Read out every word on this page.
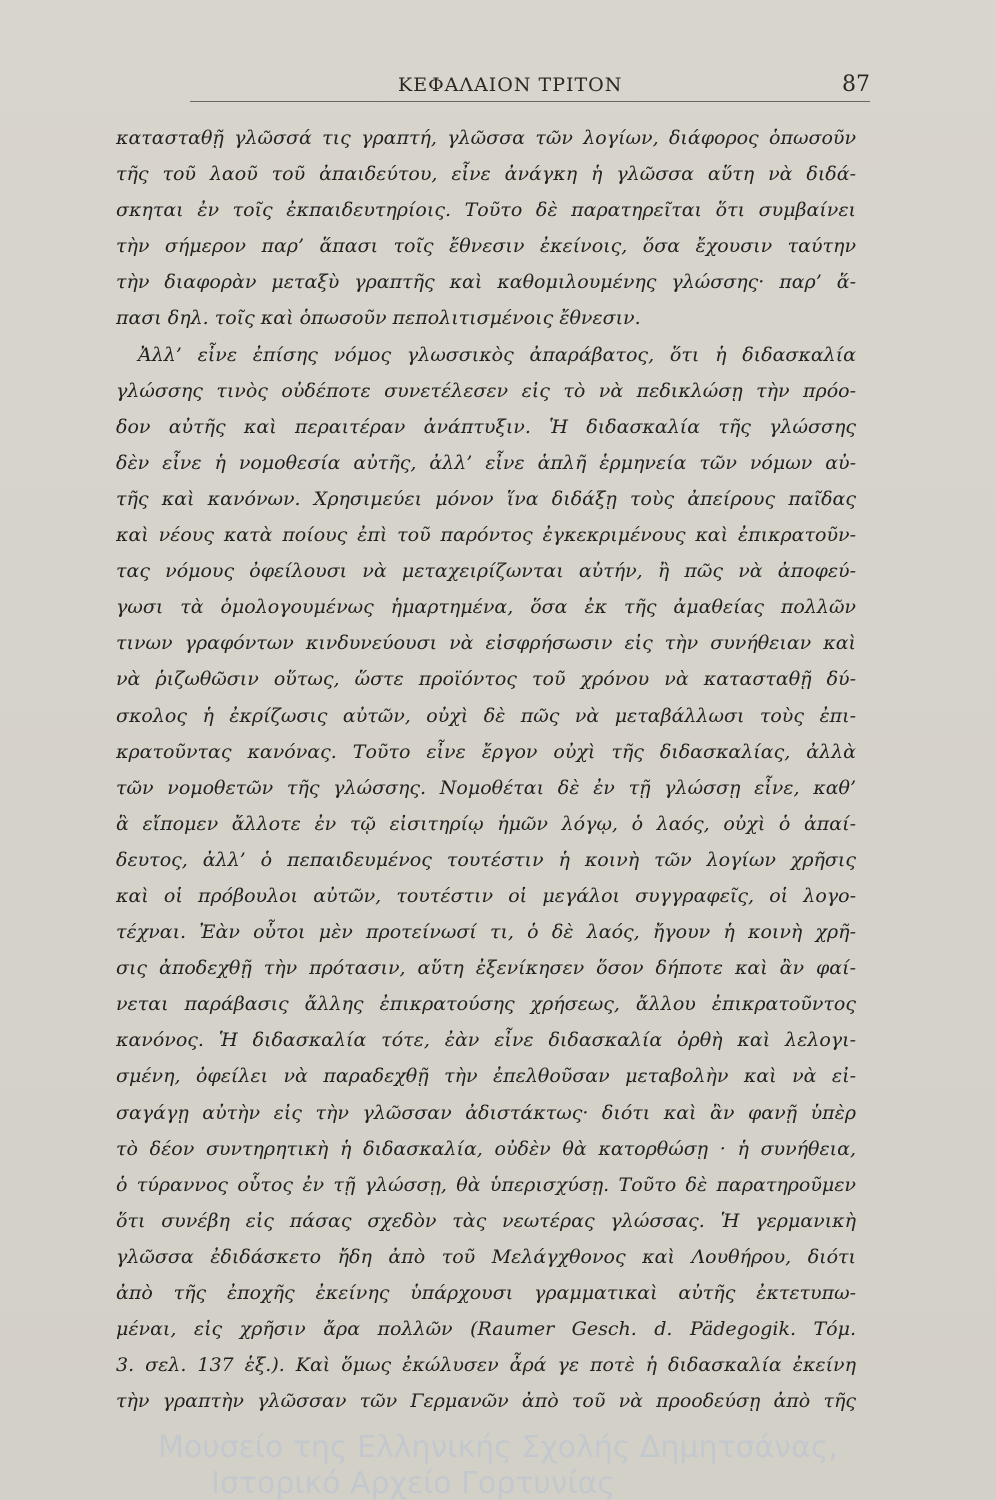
ΚΕΦΑΛΑΙΟΝ ΤΡΙΤΟΝ	87
κατασταθῇ γλῶσσά τις γραπτή, γλῶσσα τῶν λογίων, διάφορος ὁπωσοῦν
τῆς τοῦ λαοῦ τοῦ ἀπαιδεύτου, εἶνε ἀνάγκη ἡ γλῶσσα αὕτη νὰ διδά-
σκηται ἐν τοῖς ἐκπαιδευτηρίοις. Τοῦτο δὲ παρατηρεῖται ὅτι συμβαίνει
τὴν σήμερον παρ’ ἅπασι τοῖς ἔθνεσιν ἐκείνοις, ὅσα ἔχουσιν ταύτην
τὴν διαφορὰν μεταξὺ γραπτῆς καὶ καθομιλουμένης γλώσσης· παρ’ ἅ-
πασι δηλ. τοῖς καὶ ὁπωσοῦν πεπολιτισμένοις ἔθνεσιν.
Ἀλλ’ εἶνε ἐπίσης νόμος γλωσσικὸς ἀπαράβατος, ὅτι ἡ διδασκαλία
γλώσσης τινὸς οὐδέποτε συνετέλεσεν εἰς τὸ νὰ πεδικλώσῃ τὴν πρόο-
δον αὐτῆς καὶ περαιτέραν ἀνάπτυξιν. Ἡ διδασκαλία τῆς γλώσσης
δὲν εἶνε ἡ νομοθεσία αὐτῆς, ἀλλ’ εἶνε ἁπλῆ ἑρμηνεία τῶν νόμων αὐ-
τῆς καὶ κανόνων. Χρησιμεύει μόνον ἵνα διδάξῃ τοὺς ἀπείρους παῖδας
καὶ νέους κατὰ ποίους ἐπὶ τοῦ παρόντος ἐγκεκριμένους καὶ ἐπικρατοῦν-
τας νόμους ὀφείλουσι νὰ μεταχειρίζωνται αὐτήν, ἢ πῶς νὰ ἀποφεύ-
γωσι τὰ ὁμολογουμένως ἡμαρτημένα, ὅσα ἐκ τῆς ἀμαθείας πολλῶν
τινων γραφόντων κινδυνεύουσι νὰ εἰσφρήσωσιν εἰς τὴν συνήθειαν καὶ
νὰ ῥιζωθῶσιν οὕτως, ὥστε προϊόντος τοῦ χρόνου νὰ κατασταθῇ δύ-
σκολος ἡ ἐκρίζωσις αὐτῶν, οὐχὶ δὲ πῶς νὰ μεταβάλλωσι τοὺς ἐπι-
κρατοῦντας κανόνας. Τοῦτο εἶνε ἔργον οὐχὶ τῆς διδασκαλίας, ἀλλὰ
τῶν νομοθετῶν τῆς γλώσσης. Νομοθέται δὲ ἐν τῇ γλώσσῃ εἶνε, καθ’
ἃ εἴπομεν ἄλλοτε ἐν τῷ εἰσιτηρίῳ ἡμῶν λόγῳ, ὁ λαός, οὐχὶ ὁ ἀπαί-
δευτος, ἀλλ’ ὁ πεπαιδευμένος τουτέστιν ἡ κοινὴ τῶν λογίων χρῆσις
καὶ οἱ πρόβουλοι αὐτῶν, τουτέστιν οἱ μεγάλοι συγγραφεῖς, οἱ λογο-
τέχναι. Ἐὰν οὗτοι μὲν προτείνωσί τι, ὁ δὲ λαός, ἤγουν ἡ κοινὴ χρῆ-
σις ἀποδεχθῇ τὴν πρότασιν, αὕτη ἐξενίκησεν ὅσον δήποτε καὶ ἂν φαί-
νεται παράβασις ἄλλης ἐπικρατούσης χρήσεως, ἄλλου ἐπικρατοῦντος
κανόνος. Ἡ διδασκαλία τότε, ἐὰν εἶνε διδασκαλία ὀρθὴ καὶ λελογι-
σμένη, ὀφείλει νὰ παραδεχθῇ τὴν ἐπελθοῦσαν μεταβολὴν καὶ νὰ εἰ-
σαγάγῃ αὐτὴν εἰς τὴν γλῶσσαν ἀδιστάκτως· διότι καὶ ἂν φανῇ ὑπὲρ
τὸ δέον συντηρητικὴ ἡ διδασκαλία, οὐδὲν θὰ κατορθώσῃ · ἡ συνήθεια,
ὁ τύραννος οὗτος ἐν τῇ γλώσσῃ, θὰ ὑπερισχύσῃ. Τοῦτο δὲ παρατηροῦμεν
ὅτι συνέβη εἰς πάσας σχεδὸν τὰς νεωτέρας γλώσσας. Ἡ γερμανικὴ
γλῶσσα ἐδιδάσκετο ἤδη ἀπὸ τοῦ Μελάγχθονος καὶ Λουθήρου, διότι
ἀπὸ τῆς ἐποχῆς ἐκείνης ὑπάρχουσι γραμματικαὶ αὐτῆς ἐκτετυπω-
μέναι, εἰς χρῆσιν ἄρα πολλῶν (Raumer Gesch. d. Pädegogik. Τόμ.
3. σελ. 137 ἑξ.). Καὶ ὅμως ἐκώλυσεν ἆρά γε ποτὲ ἡ διδασκαλία ἐκείνη
τὴν γραπτὴν γλῶσσαν τῶν Γερμανῶν ἀπὸ τοῦ νὰ προοδεύσῃ ἀπὸ τῆς
Μουσείο της Ελληνικής Σχολής Δημητσάνας,
Ιστορικό Αρχείο Γορτυνίας
